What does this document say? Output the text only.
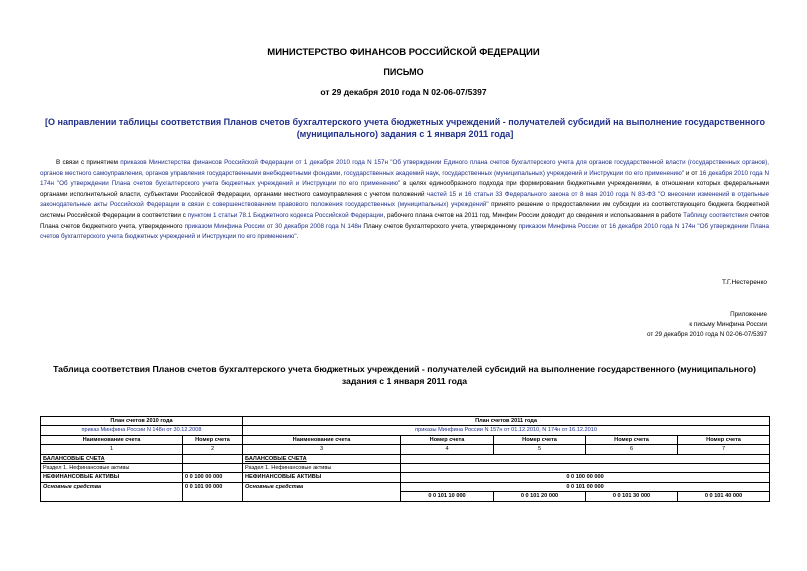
МИНИСТЕРСТВО ФИНАНСОВ РОССИЙСКОЙ ФЕДЕРАЦИИ
ПИСЬМО
от 29 декабря 2010 года N 02-06-07/5397
[О направлении таблицы соответствия Планов счетов бухгалтерского учета бюджетных учреждений - получателей субсидий на выполнение государственного (муниципального) задания с 1 января 2011 года]
В связи с принятием приказов Министерства финансов Российской Федерации от 1 декабря 2010 года N 157н "Об утверждении Единого плана счетов бухгалтерского учета для органов государственной власти (государственных органов), органов местного самоуправления, органов управления государственными внебюджетными фондами, государственных академий наук, государственных (муниципальных) учреждений и Инструкции по его применению" и от 16 декабря 2010 года N 174н "Об утверждении Плана счетов бухгалтерского учета бюджетных учреждений и Инструкции по его применению" в целях единообразного подхода при формировании бюджетными учреждениями, в отношении которых федеральными органами исполнительной власти, субъектами Российской Федерации, органами местного самоуправления с учетом положений частей 15 и 16 статьи 33 Федерального закона от 8 мая 2010 года N 83-ФЗ "О внесении изменений в отдельные законодательные акты Российской Федерации в связи с совершенствованием правового положения государственных (муниципальных) учреждений" принято решение о предоставлении им субсидии из соответствующего бюджета бюджетной системы Российской Федерации в соответствии с пунктом 1 статьи 78.1 Бюджетного кодекса Российской Федерации, рабочего плана счетов на 2011 год, Минфин России доводит до сведения и использования в работе Таблицу соответствия счетов Плана счетов бюджетного учета, утвержденного приказом Минфина России от 30 декабря 2008 года N 148н Плану счетов бухгалтерского учета, утвержденному приказом Минфина России от 16 декабря 2010 года N 174н "Об утверждении Плана счетов бухгалтерского учета бюджетных учреждений и Инструкции по его применению".
Т.Г.Нестеренко
Приложение
к письму Минфина России
от 29 декабря 2010 года N 02-06-07/5397
Таблица соответствия Планов счетов бухгалтерского учета бюджетных учреждений - получателей субсидий на выполнение государственного (муниципального) задания с 1 января 2011 года
План счетов 2010 года		План счетов 2011 года				
приказ Минфина России N 148н от 30.12.2008		приказы Минфина России N 157н от 01.12.2010, N 174н от 16.12.2010				
Наименование счета	Номер счета	Наименование счета	Номер счета	Номер счета	Номер счета	Номер счета
1	2	3	4	5	6	7
БАЛАНСОВЫЕ СЧЕТА		БАЛАНСОВЫЕ СЧЕТА				
Раздел 1. Нефинансовые активы		Раздел 1. Нефинансовые активы				
НЕФИНАНСОВЫЕ АКТИВЫ	0 0 100 00 000	НЕФИНАНСОВЫЕ АКТИВЫ	0 0 100 00 000			
Основные средства	0 0 101 00 000	Основные средства	0 0 101 00 000			
			0 0 101 10 000	0 0 101 20 000	0 0 101 30 000	0 0 101 40 000
